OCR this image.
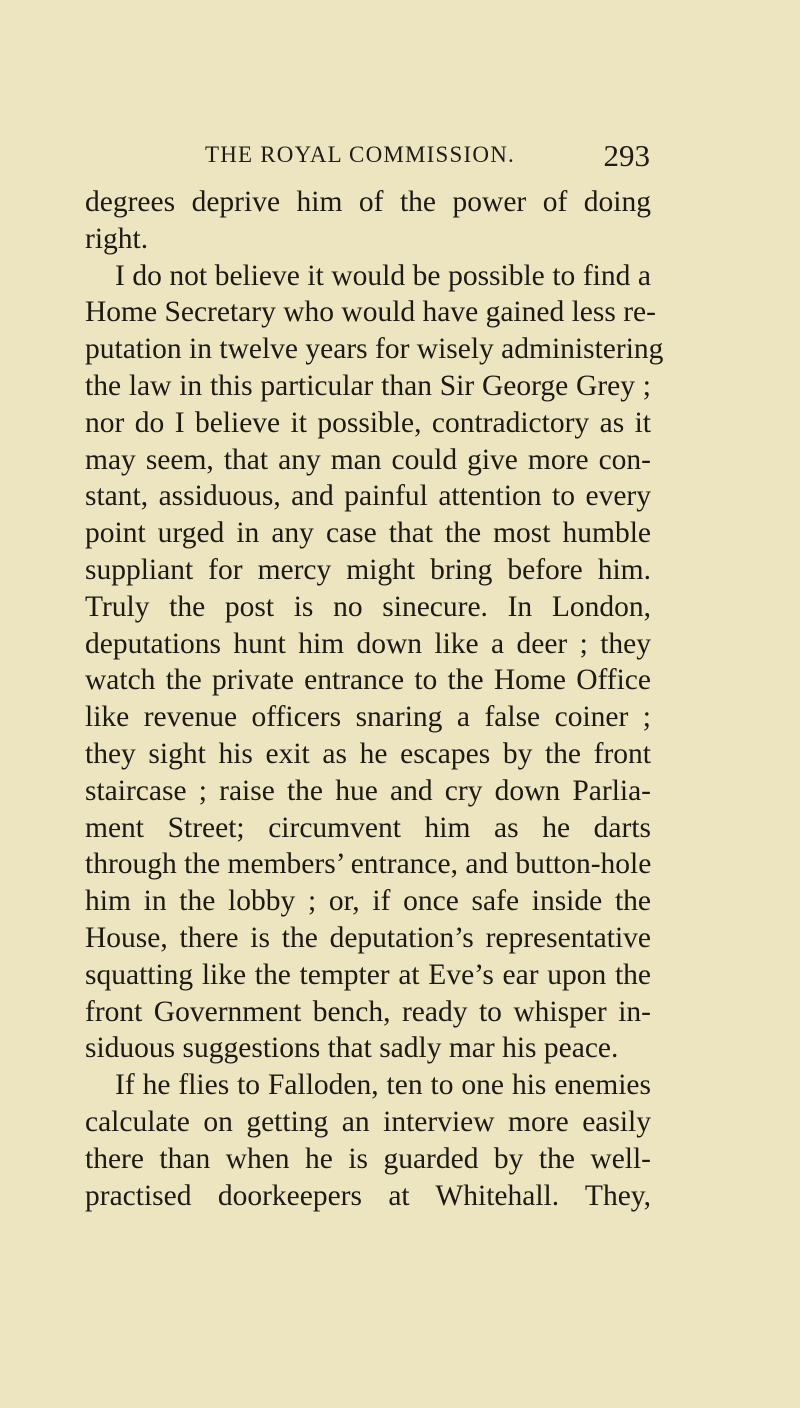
THE ROYAL COMMISSION.	293
degrees deprive him of the power of doing
right.
I do not believe it would be possible to find a
Home Secretary who would have gained less re-
putation in twelve years for wisely administering
the law in this particular than Sir George Grey ;
nor do I believe it possible, contradictory as it
may seem, that any man could give more con-
stant, assiduous, and painful attention to every
point urged in any case that the most humble
suppliant for mercy might bring before him.
Truly the post is no sinecure. In London,
deputations hunt him down like a deer ; they
watch the private entrance to the Home Office
like revenue officers snaring a false coiner ;
they sight his exit as he escapes by the front
staircase ; raise the hue and cry down Parlia-
ment Street; circumvent him as he darts
through the members’ entrance, and button-hole
him in the lobby ; or, if once safe inside the
House, there is the deputation’s representative
squatting like the tempter at Eve’s ear upon the
front Government bench, ready to whisper in-
siduous suggestions that sadly mar his peace.
If he flies to Falloden, ten to one his enemies
calculate on getting an interview more easily
there than when he is guarded by the well-
practised doorkeepers at Whitehall. They,
